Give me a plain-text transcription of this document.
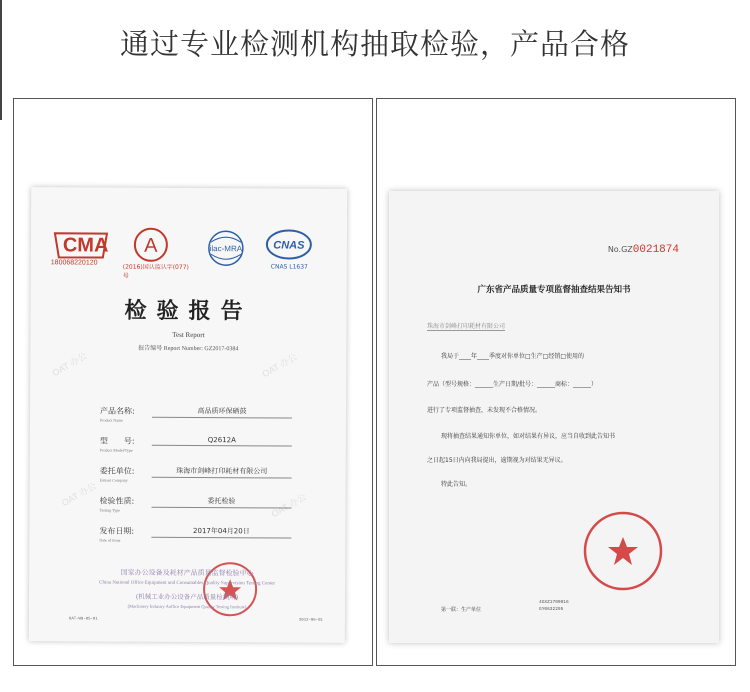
通过专业检测机构抽取检验，产品合格
OAT 办公	OAT 办公
OAT 办公	OAT 办公
CMA
180068220120
A
(2016)国认监认字(077)号
ilac-MRA	CNAS
CNAS L1637
检验报告
Test Report
报告编号 Report Number: GZ2017-0384
产品名称:
Product Name
高品质环保硒鼓
型　　号:
Product Model/Type
Q2612A
委托单位:
Entrust Company
珠海市剑峰打印耗材有限公司
检验性质:
Testing Type
委托检验
发布日期:
Date of Issue
2017年04月20日
国家办公设备及耗材产品质量监督检验中心
China National Office Equipment and Consumables Quality Supervision Testing Center
(机械工业办公设备产品质量检测所)
(Machinery Industry Aoffice Equipment Quality Testing Institute)
OAT-W0-05-01	2012-06-01
No.GZ0021874
广东省产品质量专项监督抽查结果告知书
珠海市剑峰打印耗材有限公司
我局于____年____季度对你单位□生产□经销□使用的
产品（型号规格：______生产日期/批号：______商标：______）
进行了专项监督抽查，未发现不合格情况。
现将抽查结果通知你单位，如对结果有异议，应当自收到此告知书
之日起15日内向我局提出，逾期视为对结果无异议。
特此告知。
第一联：生产单位
4GXZ1700016
GY0632295
